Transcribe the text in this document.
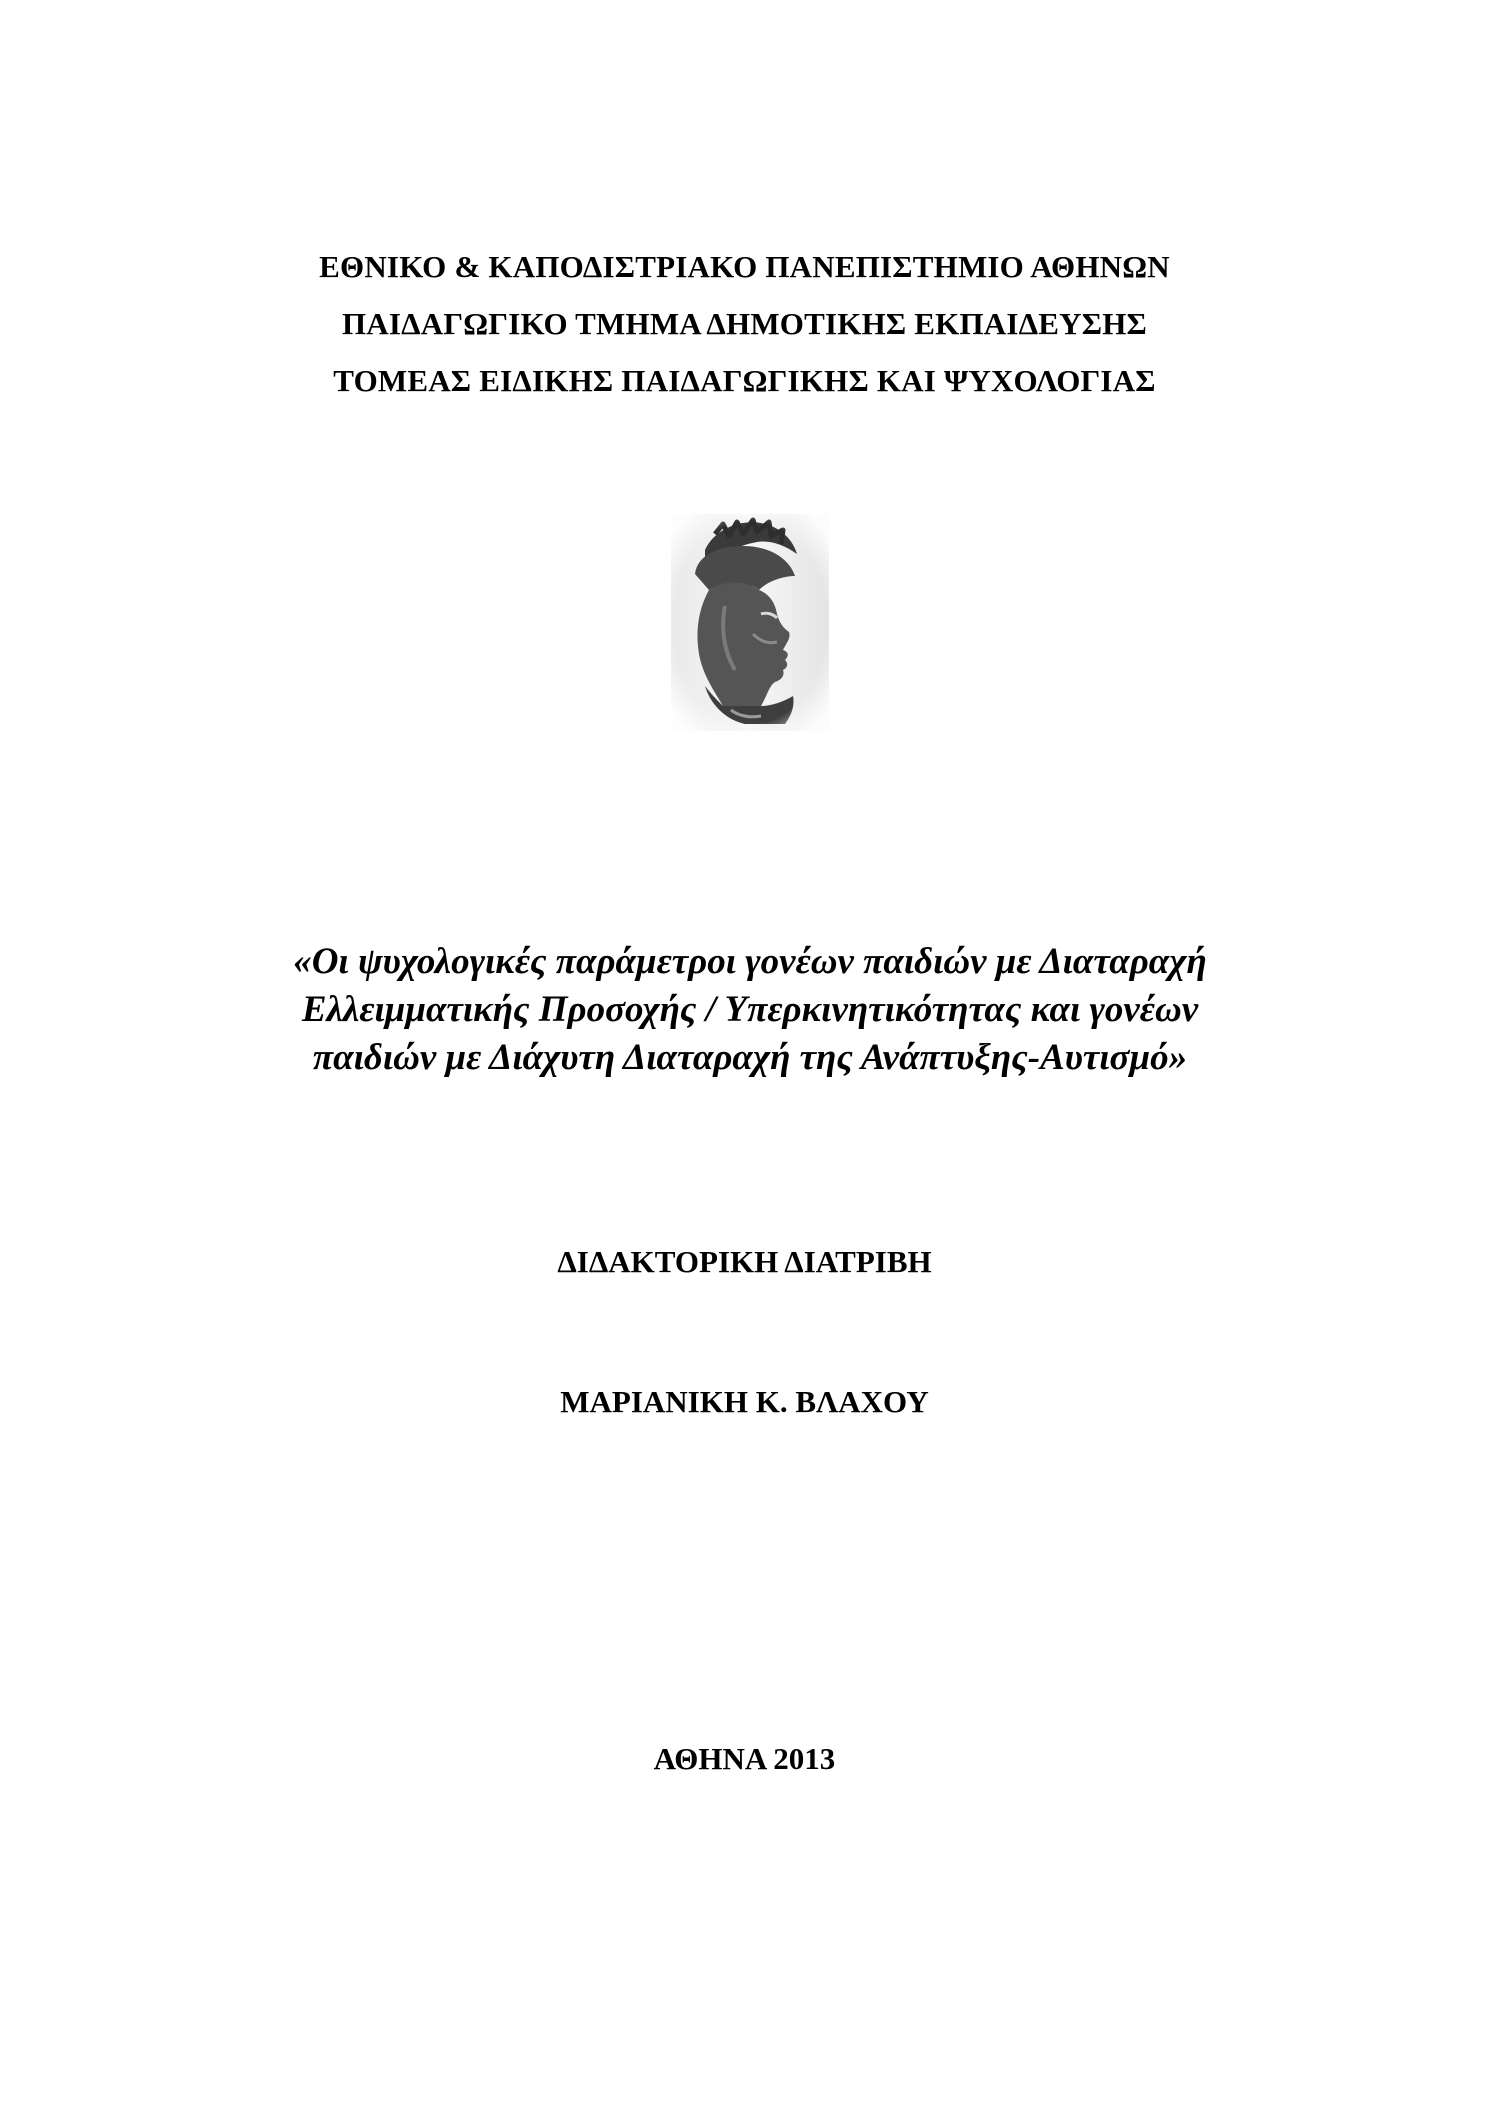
ΕΘΝΙΚΟ & ΚΑΠΟΔΙΣΤΡΙΑΚΟ ΠΑΝΕΠΙΣΤΗΜΙΟ ΑΘΗΝΩΝ
ΠΑΙΔΑΓΩΓΙΚΟ ΤΜΗΜΑ ΔΗΜΟΤΙΚΗΣ ΕΚΠΑΙΔΕΥΣΗΣ
ΤΟΜΕΑΣ ΕΙΔΙΚΗΣ ΠΑΙΔΑΓΩΓΙΚΗΣ ΚΑΙ ΨΥΧΟΛΟΓΙΑΣ
«Οι ψυχολογικές παράμετροι γονέων παιδιών με Διαταραχή
Ελλειμματικής Προσοχής / Υπερκινητικότητας και γονέων
παιδιών με Διάχυτη Διαταραχή της Ανάπτυξης-Αυτισμό»
ΔΙΔΑΚΤΟΡΙΚΗ ΔΙΑΤΡΙΒΗ
ΜΑΡΙΑΝΙΚΗ Κ. ΒΛΑΧΟΥ
ΑΘΗΝΑ 2013
